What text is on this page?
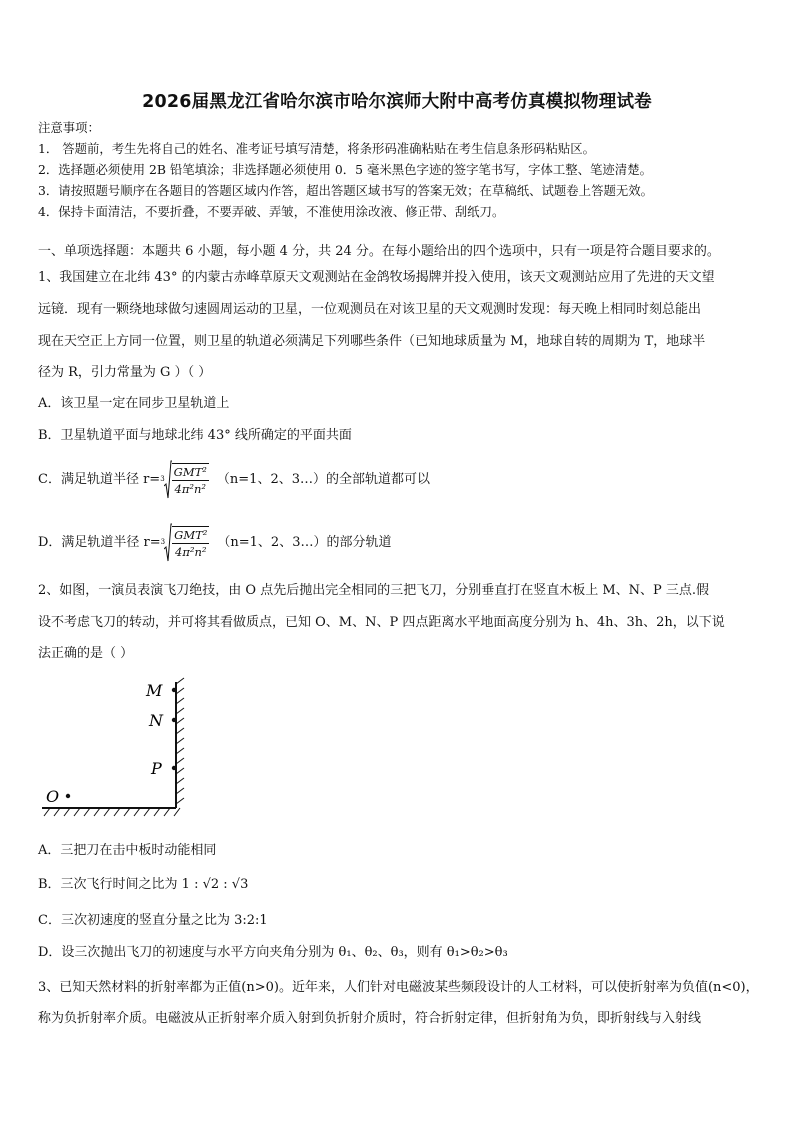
2026届黑龙江省哈尔滨市哈尔滨师大附中高考仿真模拟物理试卷
注意事项：
1． 答题前，考生先将自己的姓名、准考证号填写清楚，将条形码准确粘贴在考生信息条形码粘贴区。
2．选择题必须使用 2B 铅笔填涂；非选择题必须使用 0．5 毫米黑色字迹的签字笔书写，字体工整、笔迹清楚。
3．请按照题号顺序在各题目的答题区域内作答，超出答题区域书写的答案无效；在草稿纸、试题卷上答题无效。
4．保持卡面清洁，不要折叠，不要弄破、弄皱，不准使用涂改液、修正带、刮纸刀。
一、单项选择题：本题共 6 小题，每小题 4 分，共 24 分。在每小题给出的四个选项中，只有一项是符合题目要求的。
1、我国建立在北纬 43° 的内蒙古赤峰草原天文观测站在金鸽牧场揭牌并投入使用，该天文观测站应用了先进的天文望
远镜．现有一颗绕地球做匀速圆周运动的卫星，一位观测员在对该卫星的天文观测时发现：每天晚上相同时刻总能出
现在天空正上方同一位置，则卫星的轨道必须满足下列哪些条件（已知地球质量为 M，地球自转的周期为 T，地球半
径为 R，引力常量为 G ）（ ）
A．该卫星一定在同步卫星轨道上
B．卫星轨道平面与地球北纬 43° 线所确定的平面共面
C．满足轨道半径 $r= ^3 \frac{\text{GMT²}}{\text{4π²n²}} (n=1$、2、3…）的全部轨道都可以
D．满足轨道半径 $r= ^3 \frac{\text{GMT²}}{\text{4π²n²}} (n=1$、2、3…）的部分轨道
2、如图，一演员表演飞刀绝技，由 O 点先后抛出完全相同的三把飞刀，分别垂直打在竖直木板上 M、N、P 三点.假
设不考虑飞刀的转动，并可将其看做质点，已知 O、M、N、P 四点距离水平地面高度分别为 h、4h、3h、2h，以下说
法正确的是（ ）
M
N
P
O
A．三把刀在击中板时动能相同
B．三次飞行时间之比为 1 : √2 : √3
C．三次初速度的竖直分量之比为 3:2:1
D．设三次抛出飞刀的初速度与水平方向夹角分别为 θ₁、θ₂、θ₃，则有 θ₁>θ₂>θ₃
3、已知天然材料的折射率都为正值(n>0)。近年来，人们针对电磁波某些频段设计的人工材料，可以使折射率为负值(n<0)，
称为负折射率介质。电磁波从正折射率介质入射到负折射介质时，符合折射定律，但折射角为负，即折射线与入射线
